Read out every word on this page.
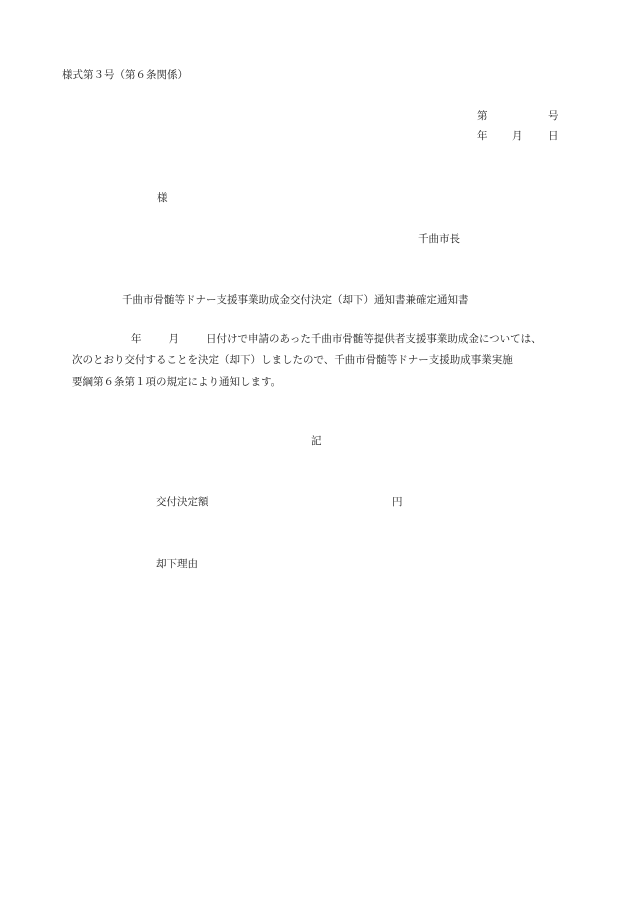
様式第３号（第６条関係）
第	号
年 月 日
様
千曲市長
千曲市骨髄等ドナー支援事業助成金交付決定（却下）通知書兼確定通知書
年	月	日付けで申請のあった千曲市骨髄等提供者支援事業助成金については、
次のとおり交付することを決定（却下）しましたので、千曲市骨髄等ドナー支援助成事業実施
要綱第６条第１項の規定により通知します。
記
交付決定額	円
却下理由
